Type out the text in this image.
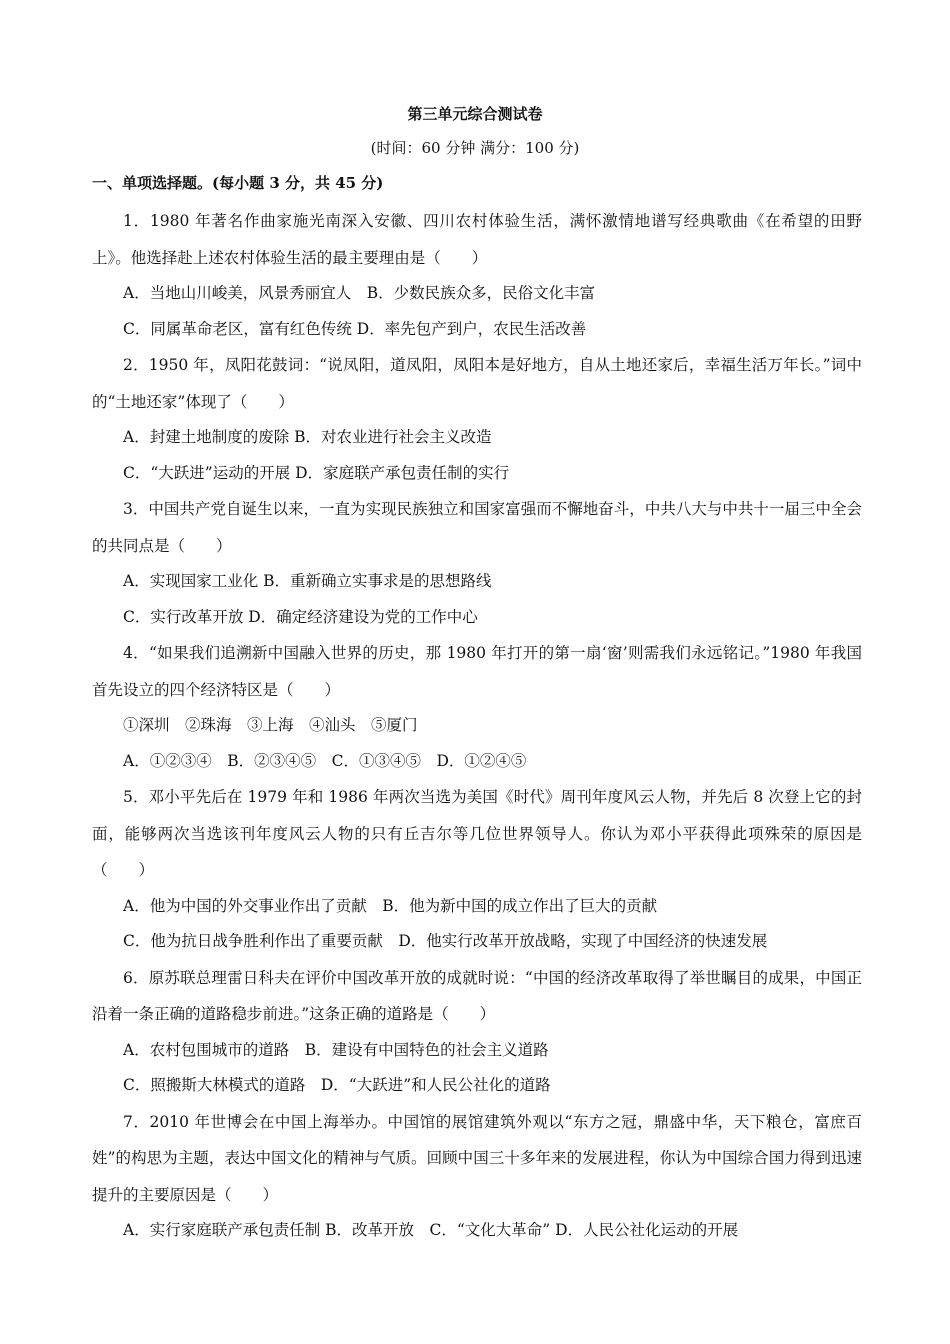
第三单元综合测试卷
(时间：60 分钟 满分：100 分)
一、单项选择题。(每小题 3 分，共 45 分)

1．1980 年著名作曲家施光南深入安徽、四川农村体验生活，满怀激情地谱写经典歌曲《在希望的田野上》。他选择赴上述农村体验生活的最主要理由是（　　）

A．当地山川峻美，风景秀丽宜人　B．少数民族众多，民俗文化丰富

C．同属革命老区，富有红色传统 D．率先包产到户，农民生活改善

2．1950 年，凤阳花鼓词：“说凤阳，道凤阳，凤阳本是好地方，自从土地还家后，幸福生活万年长。”词中的“土地还家”体现了（　　）

A．封建土地制度的废除 B．对农业进行社会主义改造

C．“大跃进”运动的开展 D．家庭联产承包责任制的实行

3．中国共产党自诞生以来，一直为实现民族独立和国家富强而不懈地奋斗，中共八大与中共十一届三中全会的共同点是（　　）

A．实现国家工业化 B．重新确立实事求是的思想路线

C．实行改革开放 D．确定经济建设为党的工作中心

4．“如果我们追溯新中国融入世界的历史，那 1980 年打开的第一扇‘窗’则需我们永远铭记。”1980 年我国首先设立的四个经济特区是（　　）

①深圳　②珠海　③上海　④汕头　⑤厦门

A．①②③④　B．②③④⑤　C．①③④⑤　D．①②④⑤

5．邓小平先后在 1979 年和 1986 年两次当选为美国《时代》周刊年度风云人物，并先后 8 次登上它的封面，能够两次当选该刊年度风云人物的只有丘吉尔等几位世界领导人。你认为邓小平获得此项殊荣的原因是（　　）

A．他为中国的外交事业作出了贡献　B．他为新中国的成立作出了巨大的贡献

C．他为抗日战争胜利作出了重要贡献　D．他实行改革开放战略，实现了中国经济的快速发展

6．原苏联总理雷日科夫在评价中国改革开放的成就时说：“中国的经济改革取得了举世瞩目的成果，中国正沿着一条正确的道路稳步前进。”这条正确的道路是（　　）

A．农村包围城市的道路　B．建设有中国特色的社会主义道路

C．照搬斯大林模式的道路　D．“大跃进”和人民公社化的道路

7．2010 年世博会在中国上海举办。中国馆的展馆建筑外观以“东方之冠，鼎盛中华，天下粮仓，富庶百姓”的构思为主题，表达中国文化的精神与气质。回顾中国三十多年来的发展进程，你认为中国综合国力得到迅速提升的主要原因是（　　）

A．实行家庭联产承包责任制 B．改革开放　C．“文化大革命” D．人民公社化运动的开展
